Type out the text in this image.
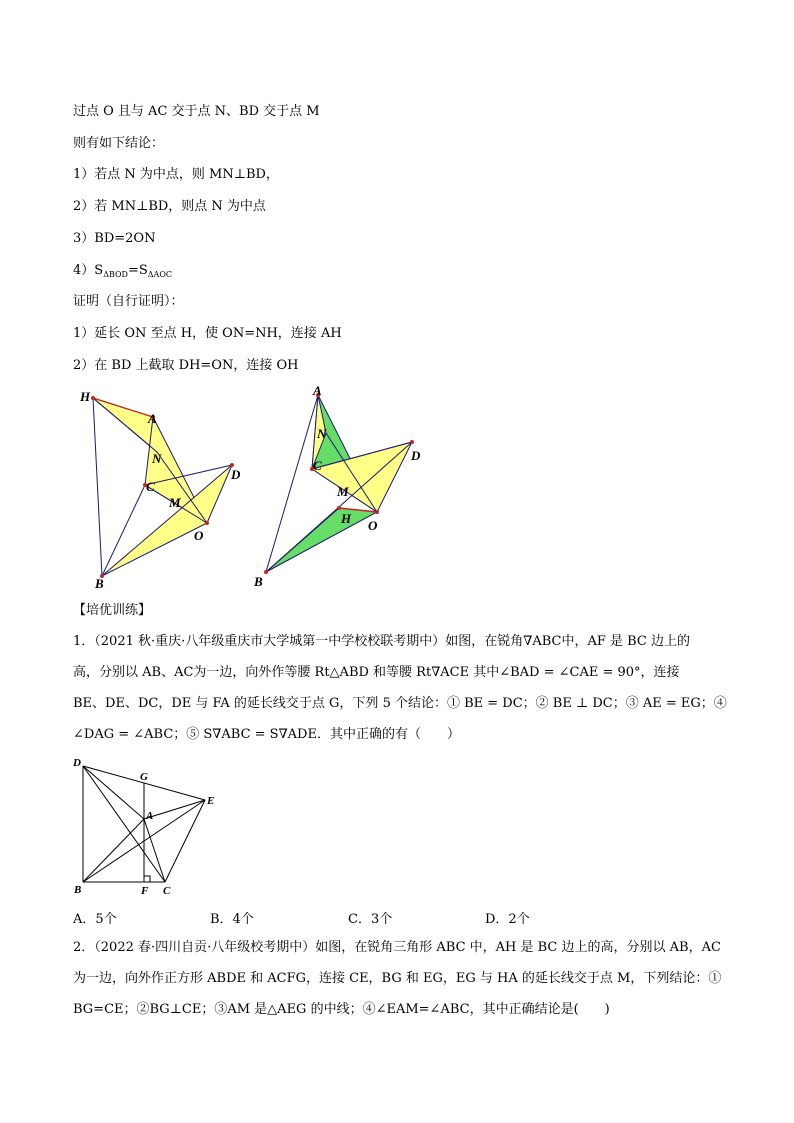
过点 O 且与 AC 交于点 N、BD 交于点 M
则有如下结论：
1）若点 N 为中点，则 MN⊥BD，
2）若 MN⊥BD，则点 N 为中点
3）BD=2ON
$4)S_{\Delta BOD}=S_{\Delta AOC}$
证明（自行证明）：
1）延长 ON 至点 H，使 ON=NH，连接 AH
2）在 BD 上截取 DH=ON，连接 OH
H
A
N
C
M
D
O
B
A
N
C
M
D
H O
B
【培优训练】
1．（2021 秋·重庆·八年级重庆市大学城第一中学校校联考期中）如图，在锐角∇ABC中，AF 是 BC 边上的
高，分别以 AB、AC为一边，向外作等腰 Rt△ABD 和等腰 Rt∇ACE 其中∠BAD = ∠CAE = 90°，连接
BE、DE、DC，DE 与 FA 的延长线交于点 G，下列 5 个结论：① BE = DC；② BE ⊥ DC；③ AE = EG；④
∠DAG = ∠ABC；⑤ S∇ABC = S∇ADE．其中正确的有（　　）
D
G
E
A
B	F C
A．5个	B．4个	C．3个	D．2个
2．（2022 春·四川自贡·八年级校考期中）如图，在锐角三角形 ABC 中，AH 是 BC 边上的高，分别以 AB，AC
为一边，向外作正方形 ABDE 和 ACFG，连接 CE，BG 和 EG，EG 与 HA 的延长线交于点 M，下列结论：①
BG=CE；②BG⊥CE；③AM 是△AEG 的中线；④∠EAM=∠ABC，其中正确结论是(　　)
